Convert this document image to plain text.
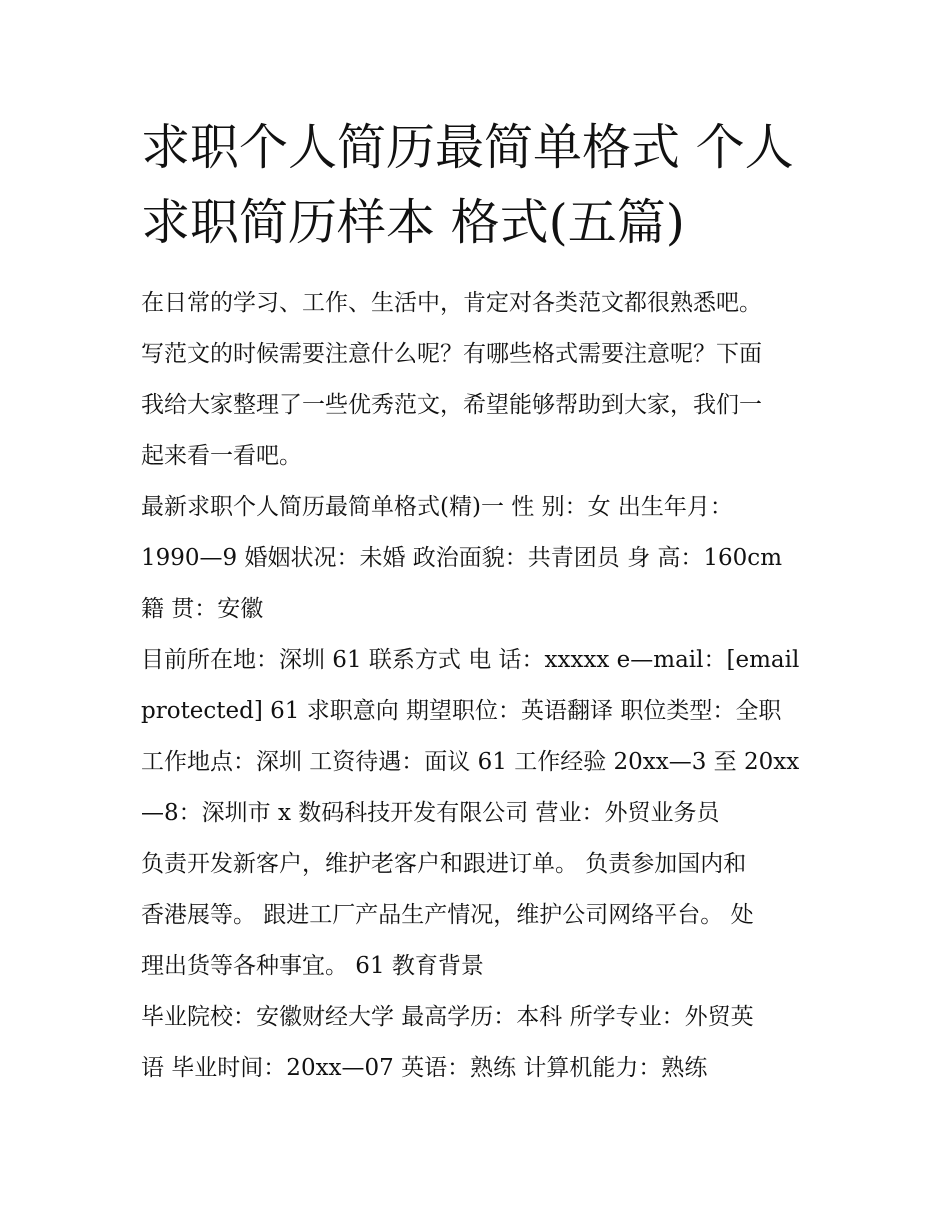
求职个人简历最简单格式 个人
求职简历样本 格式(五篇)

在日常的学习、工作、生活中，肯定对各类范文都很熟悉吧。
写范文的时候需要注意什么呢？有哪些格式需要注意呢？下面
我给大家整理了一些优秀范文，希望能够帮助到大家，我们一
起来看一看吧。

最新求职个人简历最简单格式(精)一 性 别：女 出生年月：
1990—9 婚姻状况：未婚 政治面貌：共青团员 身 高：160cm
籍 贯：安徽

目前所在地：深圳 61 联系方式 电 话：xxxxx e—mail：[email
protected] 61 求职意向 期望职位：英语翻译 职位类型：全职
工作地点：深圳 工资待遇：面议 61 工作经验 20xx—3 至 20xx
—8：深圳市 x 数码科技开发有限公司 营业：外贸业务员

负责开发新客户，维护老客户和跟进订单。 负责参加国内和
香港展等。 跟进工厂产品生产情况，维护公司网络平台。 处
理出货等各种事宜。 61 教育背景

毕业院校：安徽财经大学 最高学历：本科 所学专业：外贸英
语 毕业时间：20xx—07 英语：熟练 计算机能力：熟练
